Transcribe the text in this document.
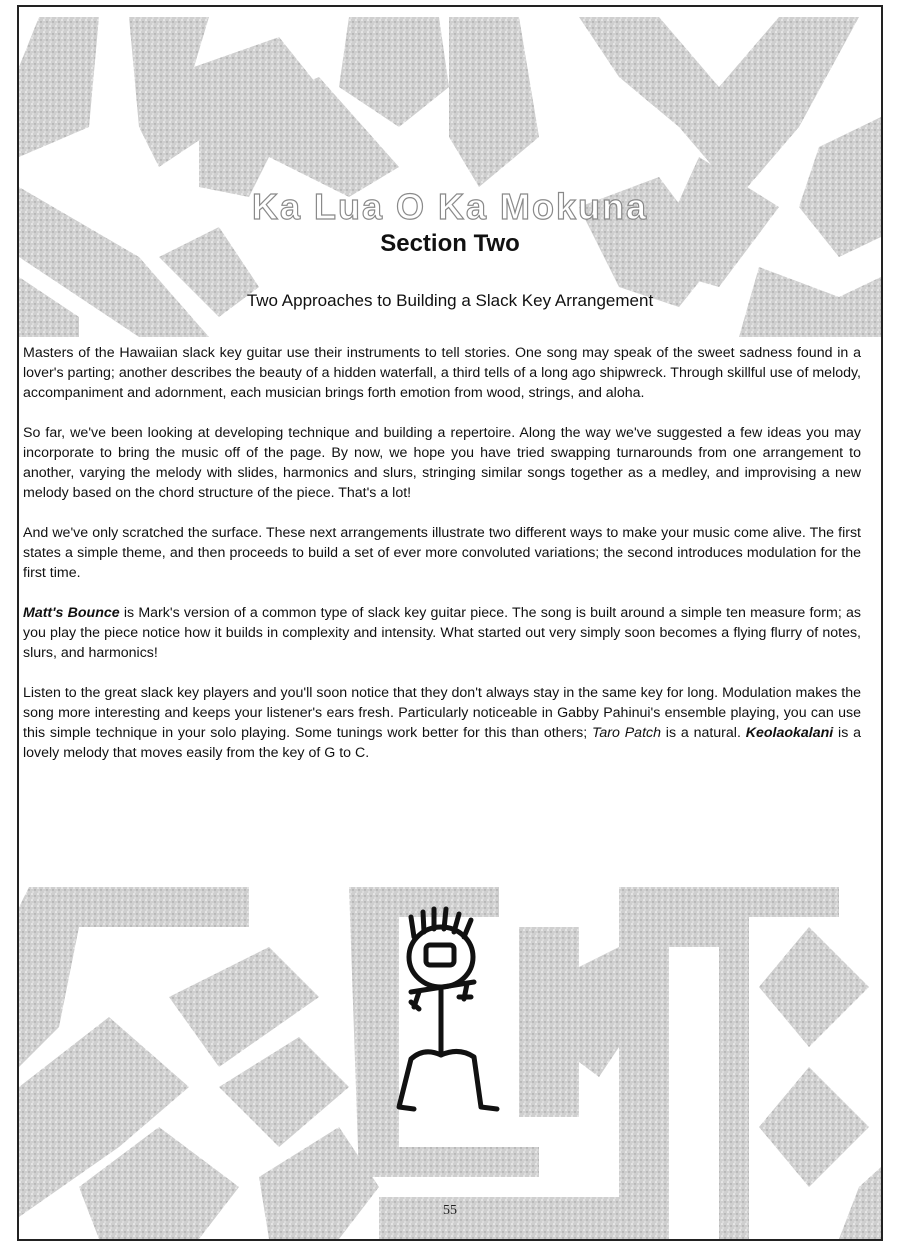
Ka Lua O Ka Mokuna
Section Two
Two Approaches to Building a Slack Key Arrangement

Masters of the Hawaiian slack key guitar use their instruments to tell stories. One song may speak of the sweet sadness found in a lover's parting; another describes the beauty of a hidden waterfall, a third tells of a long ago shipwreck. Through skillful use of melody, accompaniment and adornment, each musician brings forth emotion from wood, strings, and aloha.

So far, we've been looking at developing technique and building a repertoire. Along the way we've suggested a few ideas you may incorporate to bring the music off of the page. By now, we hope you have tried swapping turnarounds from one arrangement to another, varying the melody with slides, harmonics and slurs, stringing similar songs together as a medley, and improvising a new melody based on the chord structure of the piece. That's a lot!

And we've only scratched the surface. These next arrangements illustrate two different ways to make your music come alive. The first states a simple theme, and then proceeds to build a set of ever more convoluted variations; the second introduces modulation for the first time.

Matt's Bounce is Mark's version of a common type of slack key guitar piece. The song is built around a simple ten measure form; as you play the piece notice how it builds in complexity and intensity. What started out very simply soon becomes a flying flurry of notes, slurs, and harmonics!

Listen to the great slack key players and you'll soon notice that they don't always stay in the same key for long. Modulation makes the song more interesting and keeps your listener's ears fresh. Particularly noticeable in Gabby Pahinui's ensemble playing, you can use this simple technique in your solo playing. Some tunings work better for this than others; Taro Patch is a natural. Keolaokalani is a lovely melody that moves easily from the key of G to C.

55
